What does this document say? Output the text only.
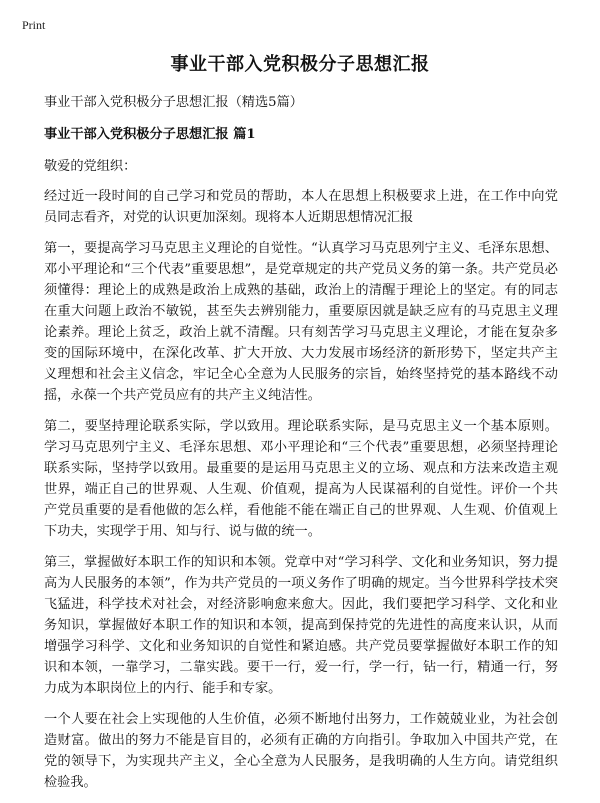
Print
事业干部入党积极分子思想汇报

事业干部入党积极分子思想汇报（精选5篇）

事业干部入党积极分子思想汇报 篇1

敬爱的党组织：

经过近一段时间的自己学习和党员的帮助，本人在思想上积极要求上进，在工作中向党员同志看齐，对党的认识更加深刻。现将本人近期思想情况汇报

第一，要提高学习马克思主义理论的自觉性。“认真学习马克思列宁主义、毛泽东思想、邓小平理论和“三个代表”重要思想”，是党章规定的共产党员义务的第一条。共产党员必须懂得：理论上的成熟是政治上成熟的基础，政治上的清醒于理论上的坚定。有的同志在重大问题上政治不敏锐，甚至失去辨别能力，重要原因就是缺乏应有的马克思主义理论素养。理论上贫乏，政治上就不清醒。只有刻苦学习马克思主义理论，才能在复杂多变的国际环境中，在深化改革、扩大开放、大力发展市场经济的新形势下，坚定共产主义理想和社会主义信念，牢记全心全意为人民服务的宗旨，始终坚持党的基本路线不动摇，永葆一个共产党员应有的共产主义纯洁性。

第二，要坚持理论联系实际，学以致用。理论联系实际，是马克思主义一个基本原则。学习马克思列宁主义、毛泽东思想、邓小平理论和“三个代表”重要思想，必须坚持理论联系实际，坚持学以致用。最重要的是运用马克思主义的立场、观点和方法来改造主观世界，端正自己的世界观、人生观、价值观，提高为人民谋福利的自觉性。评价一个共产党员重要的是看他做的怎么样，看他能不能在端正自己的世界观、人生观、价值观上下功夫，实现学于用、知与行、说与做的统一。

第三，掌握做好本职工作的知识和本领。党章中对“学习科学、文化和业务知识，努力提高为人民服务的本领”，作为共产党员的一项义务作了明确的规定。当今世界科学技术突飞猛进，科学技术对社会，对经济影响愈来愈大。因此，我们要把学习科学、文化和业务知识，掌握做好本职工作的知识和本领，提高到保持党的先进性的高度来认识，从而增强学习科学、文化和业务知识的自觉性和紧迫感。共产党员要掌握做好本职工作的知识和本领，一靠学习，二靠实践。要干一行，爱一行，学一行，钻一行，精通一行，努力成为本职岗位上的内行、能手和专家。

一个人要在社会上实现他的人生价值，必须不断地付出努力，工作兢兢业业，为社会创造财富。做出的努力不能是盲目的，必须有正确的方向指引。争取加入中国共产党，在党的领导下，为实现共产主义，全心全意为人民服务，是我明确的人生方向。请党组织检验我。
